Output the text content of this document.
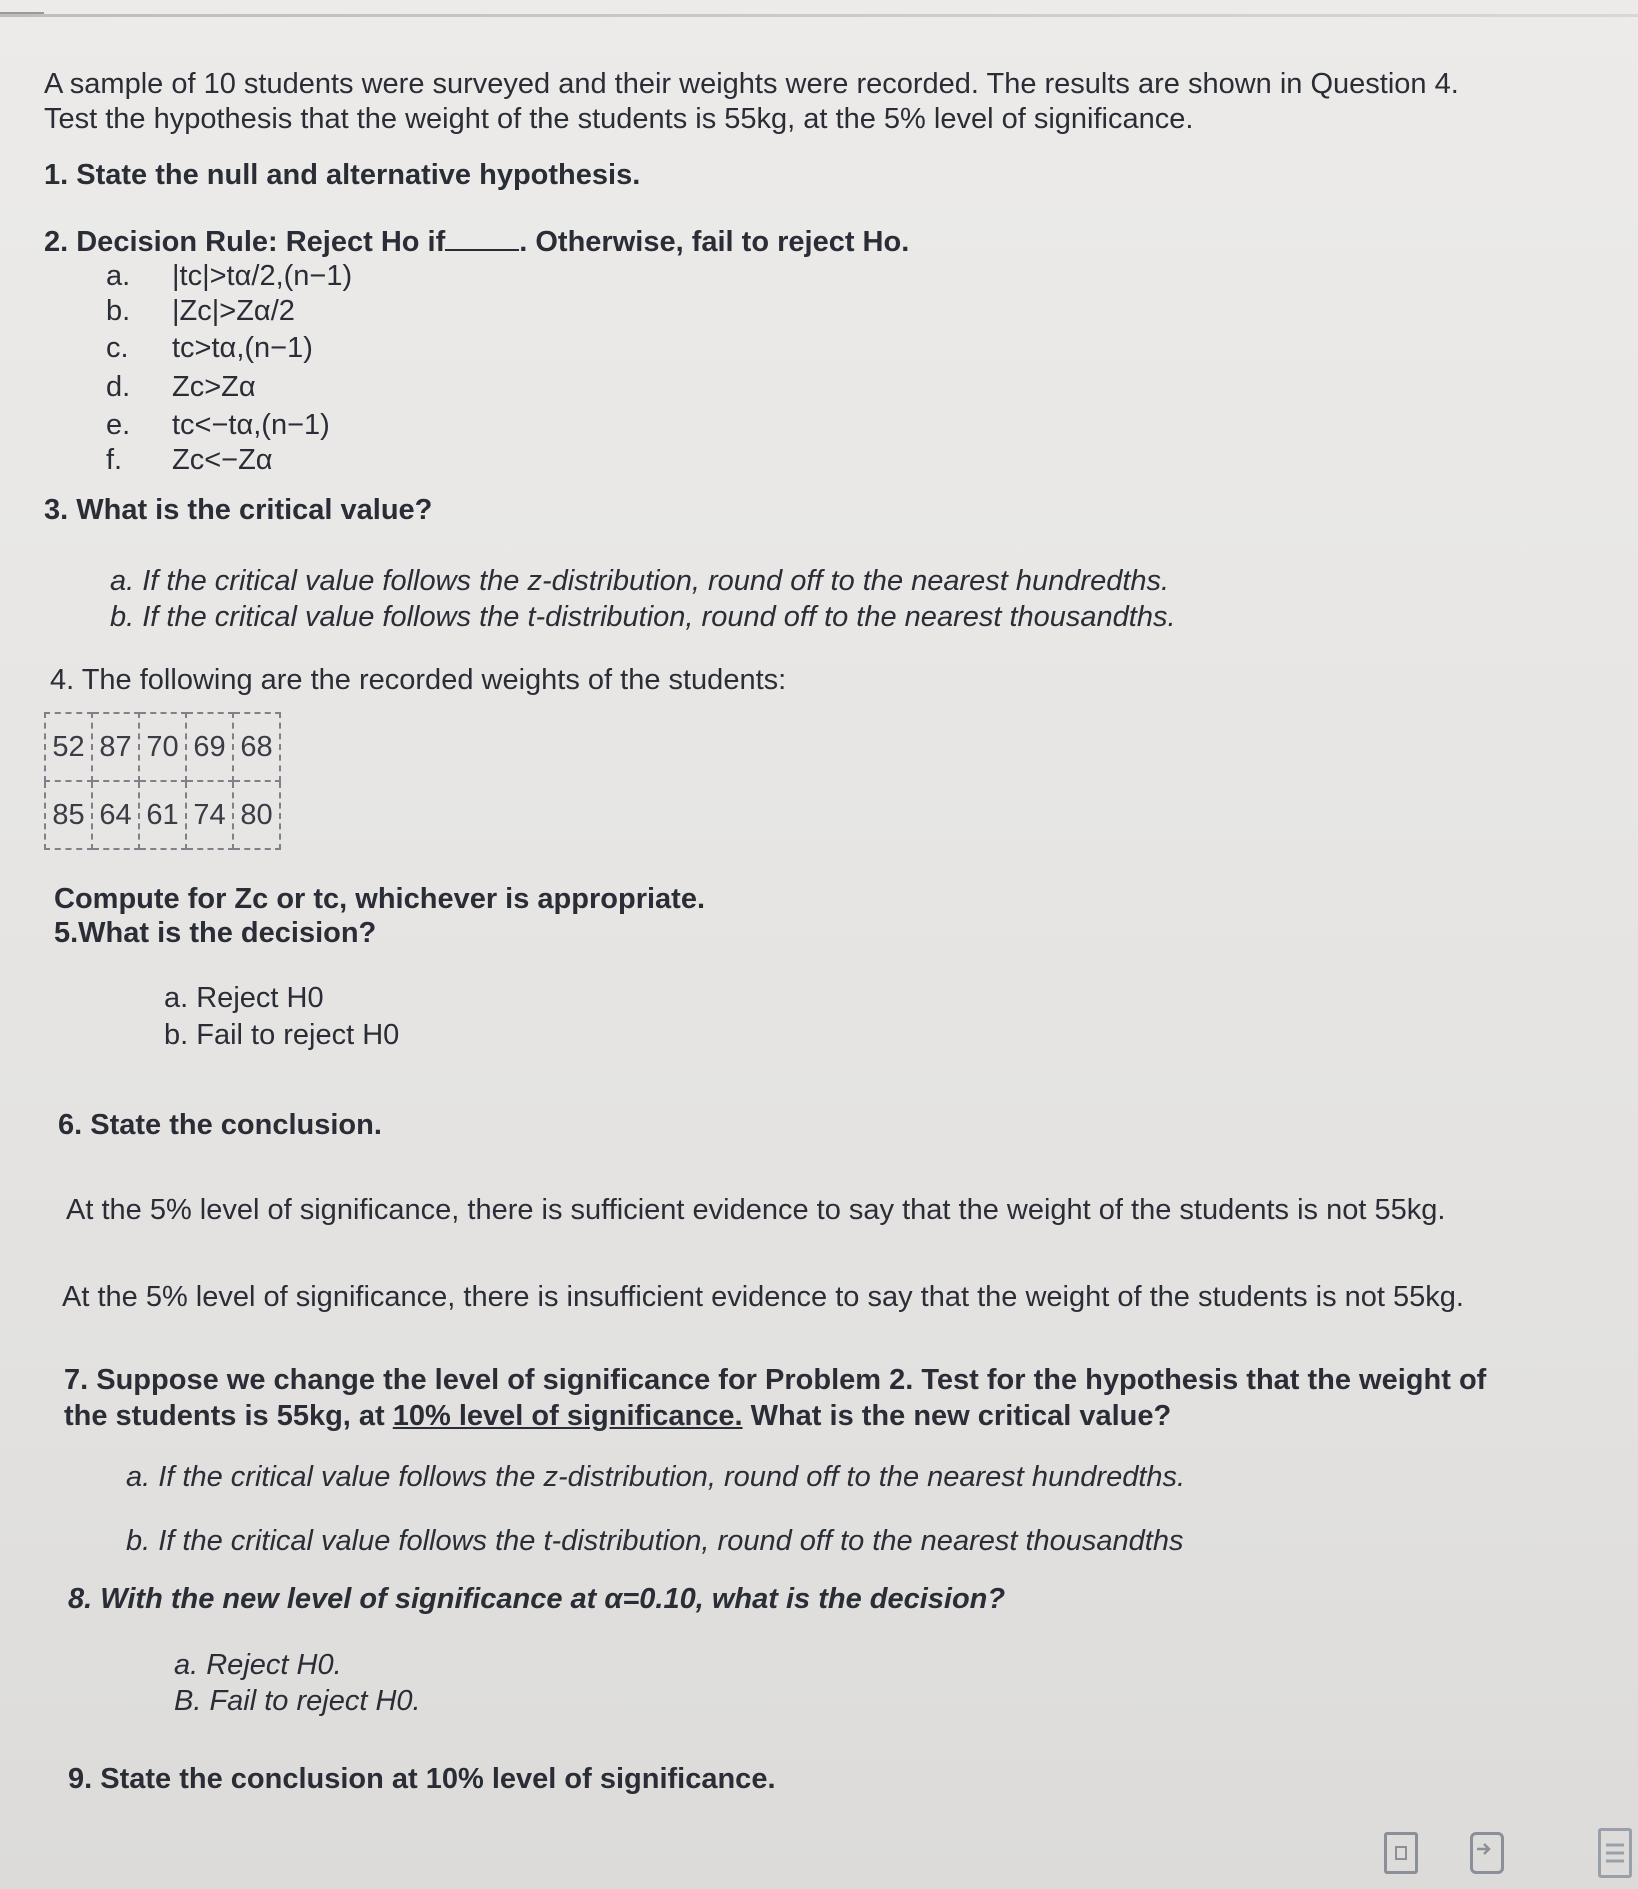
A sample of 10 students were surveyed and their weights were recorded. The results are shown in Question 4.
Test the hypothesis that the weight of the students is 55kg, at the 5% level of significance.
1. State the null and alternative hypothesis.
2. Decision Rule: Reject Ho if	. Otherwise, fail to reject Ho.
a. |tc|>tα/2,(n−1)
b. |Zc|>Zα/2
c. tc>tα,(n−1)
d. Zc>Zα
e. tc<−tα,(n−1)
f. Zc<−Zα
3. What is the critical value?
a. If the critical value follows the z-distribution, round off to the nearest hundredths.
b. If the critical value follows the t-distribution, round off to the nearest thousandths.
4. The following are the recorded weights of the students:
52	87	70	69	68
85	64	61	74	80
Compute for Zc or tc, whichever is appropriate.
5.What is the decision?
a. Reject H0
b. Fail to reject H0
6. State the conclusion.
At the 5% level of significance, there is sufficient evidence to say that the weight of the students is not 55kg.
At the 5% level of significance, there is insufficient evidence to say that the weight of the students is not 55kg.
7. Suppose we change the level of significance for Problem 2. Test for the hypothesis that the weight of
the students is 55kg, at 10% level of significance. What is the new critical value?
a. If the critical value follows the z-distribution, round off to the nearest hundredths.
b. If the critical value follows the t-distribution, round off to the nearest thousandths
8. With the new level of significance at α=0.10, what is the decision?
a. Reject H0.
B. Fail to reject H0.
9. State the conclusion at 10% level of significance.
